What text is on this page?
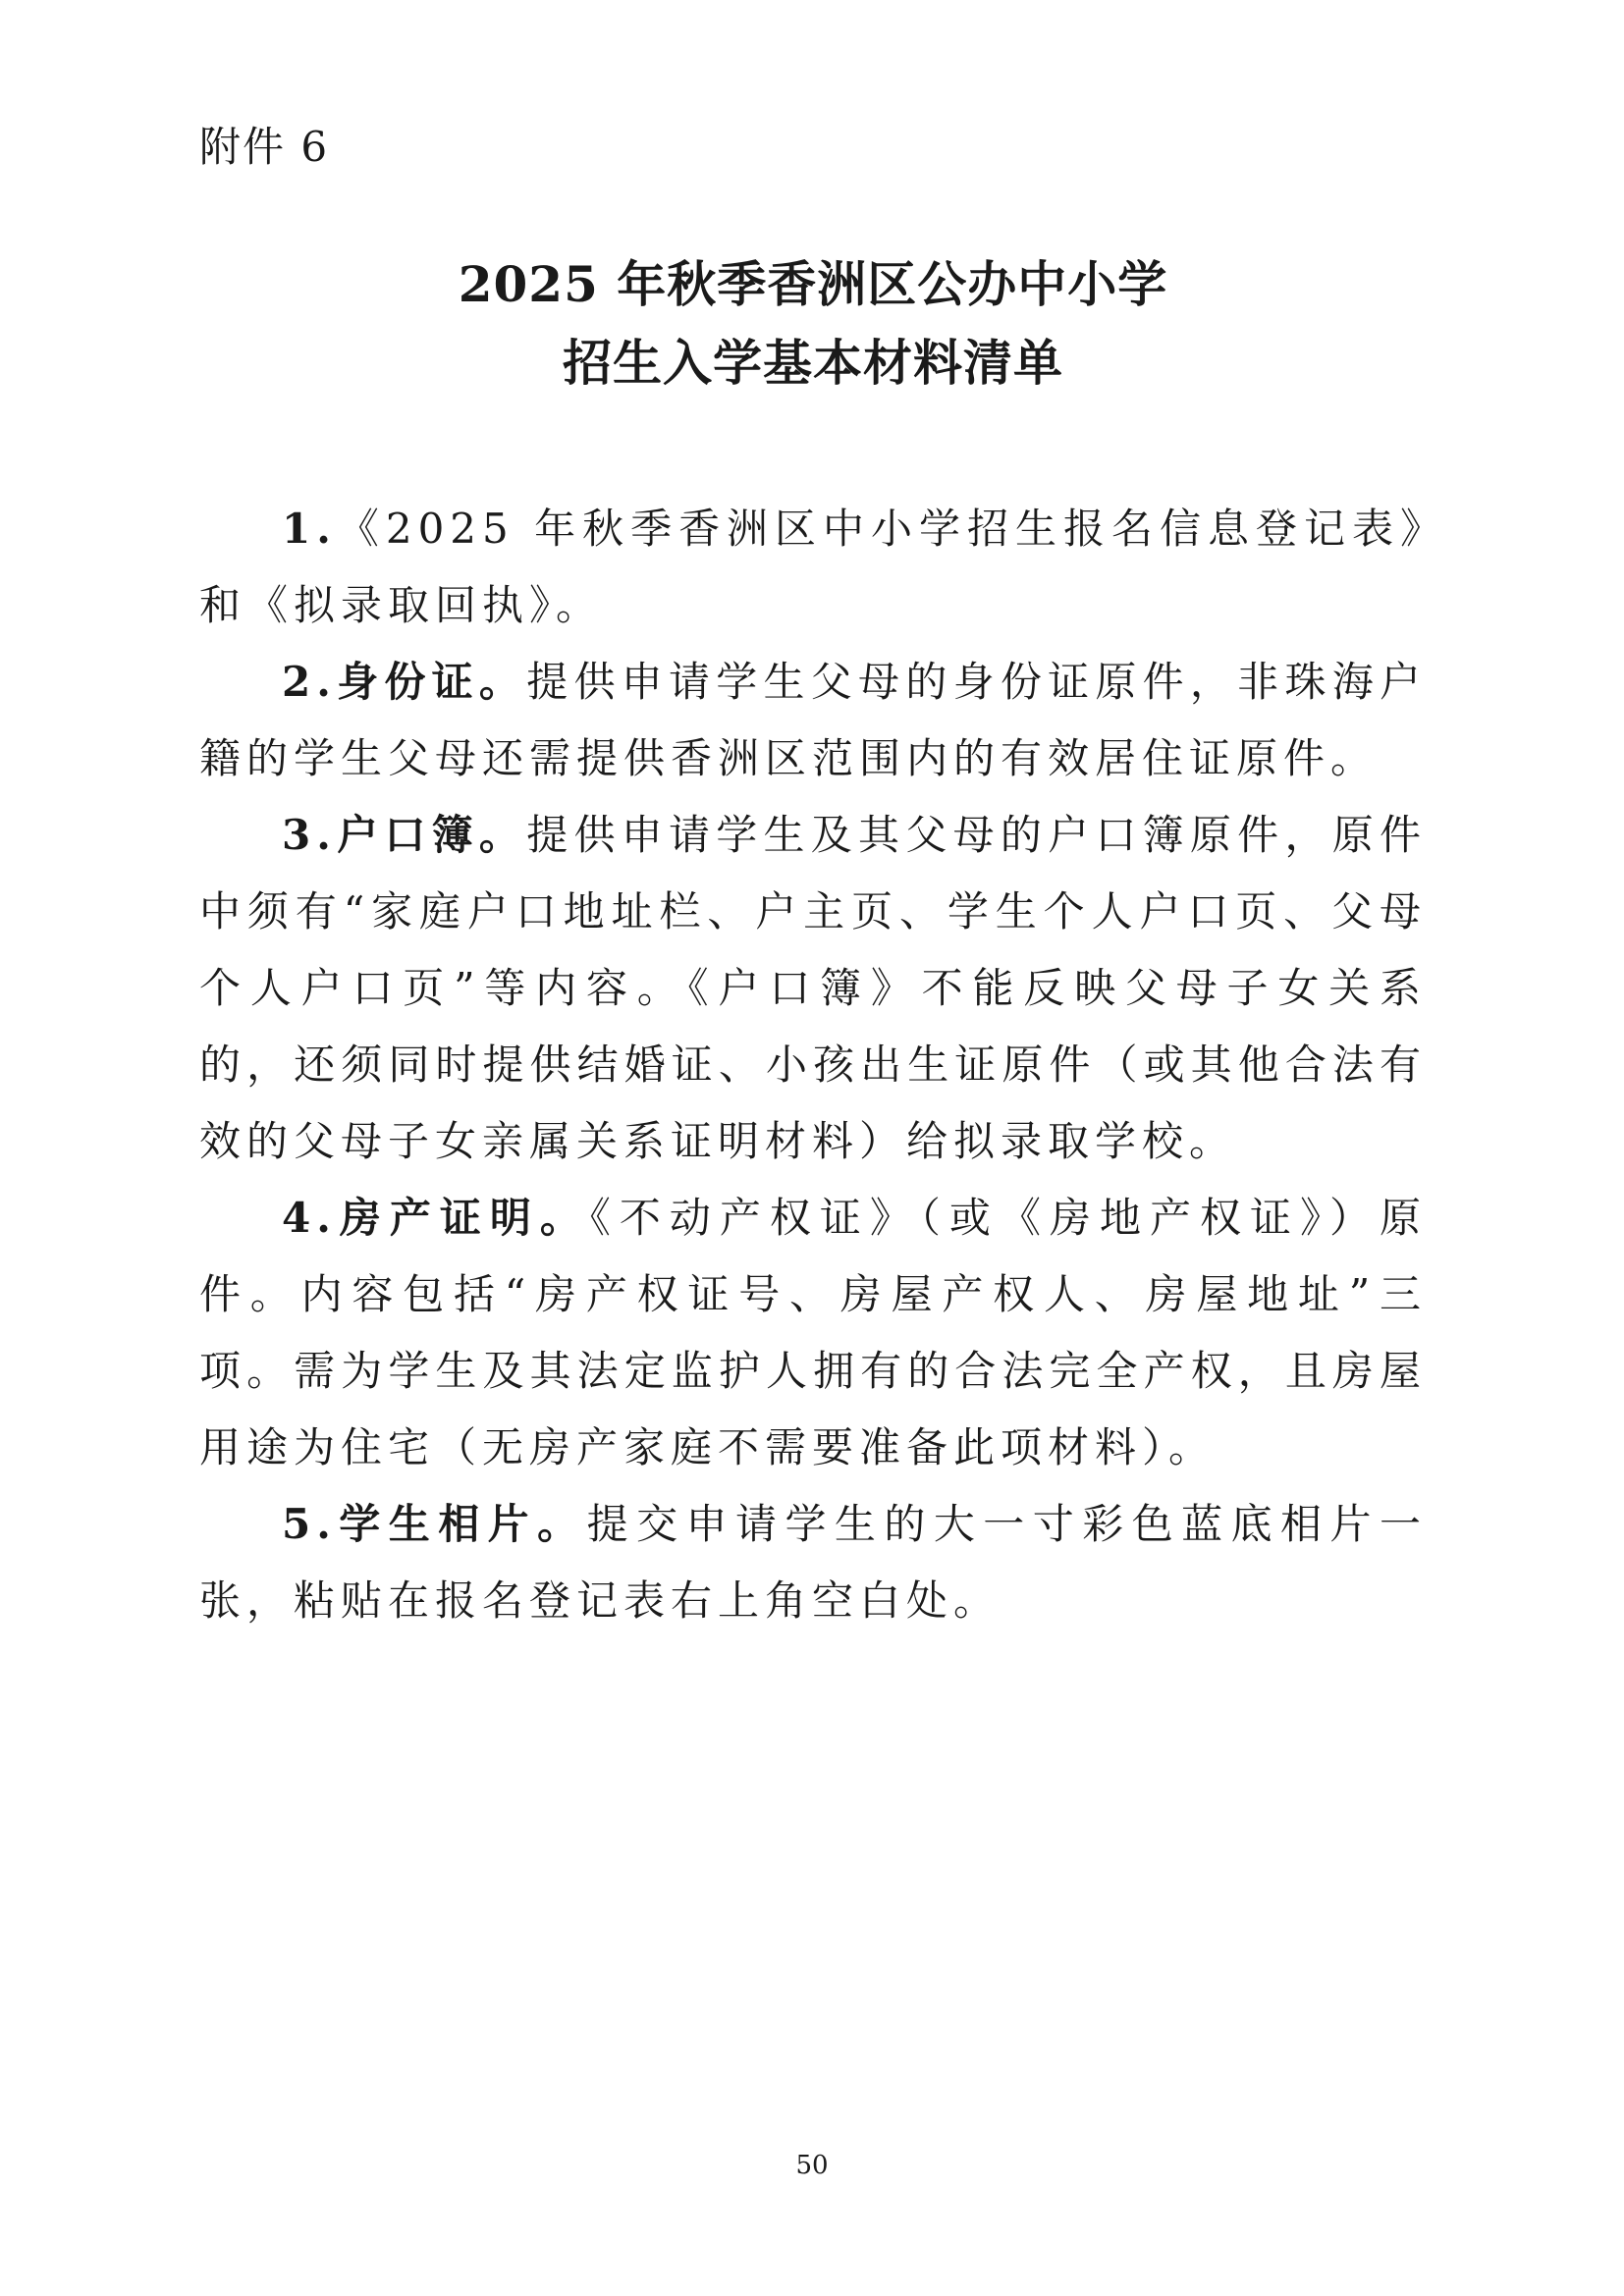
附件 6
2025 年秋季香洲区公办中小学
招生入学基本材料清单

1.《2025 年秋季香洲区中小学招生报名信息登记表》和《拟录取回执》。

2.身份证。提供申请学生父母的身份证原件，非珠海户籍的学生父母还需提供香洲区范围内的有效居住证原件。

3.户口簿。提供申请学生及其父母的户口簿原件，原件中须有“家庭户口地址栏、户主页、学生个人户口页、父母个人户口页”等内容。《户口簿》不能反映父母子女关系的，还须同时提供结婚证、小孩出生证原件（或其他合法有效的父母子女亲属关系证明材料）给拟录取学校。

4.房产证明。《不动产权证》（或《房地产权证》）原件。内容包括“房产权证号、房屋产权人、房屋地址”三项。需为学生及其法定监护人拥有的合法完全产权，且房屋用途为住宅（无房产家庭不需要准备此项材料）。

5.学生相片。提交申请学生的大一寸彩色蓝底相片一张，粘贴在报名登记表右上角空白处。

50
